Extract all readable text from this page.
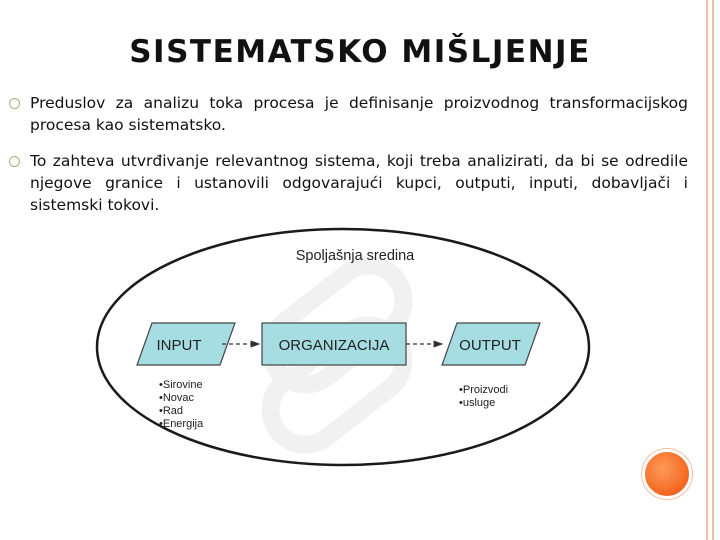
SISTEMATSKO MIŠLJENJE
Preduslov za analizu toka procesa je definisanje proizvodnog transformacijskog procesa kao sistematsko.
To zahteva utvrđivanje relevantnog sistema, koji treba analizirati, da bi se odredile njegove granice i ustanovili odgovarajući kupci, outputi, inputi, dobavljači i sistemski tokovi.
Spoljašnja sredina
INPUT	ORGANIZACIJA	OUTPUT
•Sirovine
•Novac
•Rad
•Energija
•Proizvodi
•usluge
